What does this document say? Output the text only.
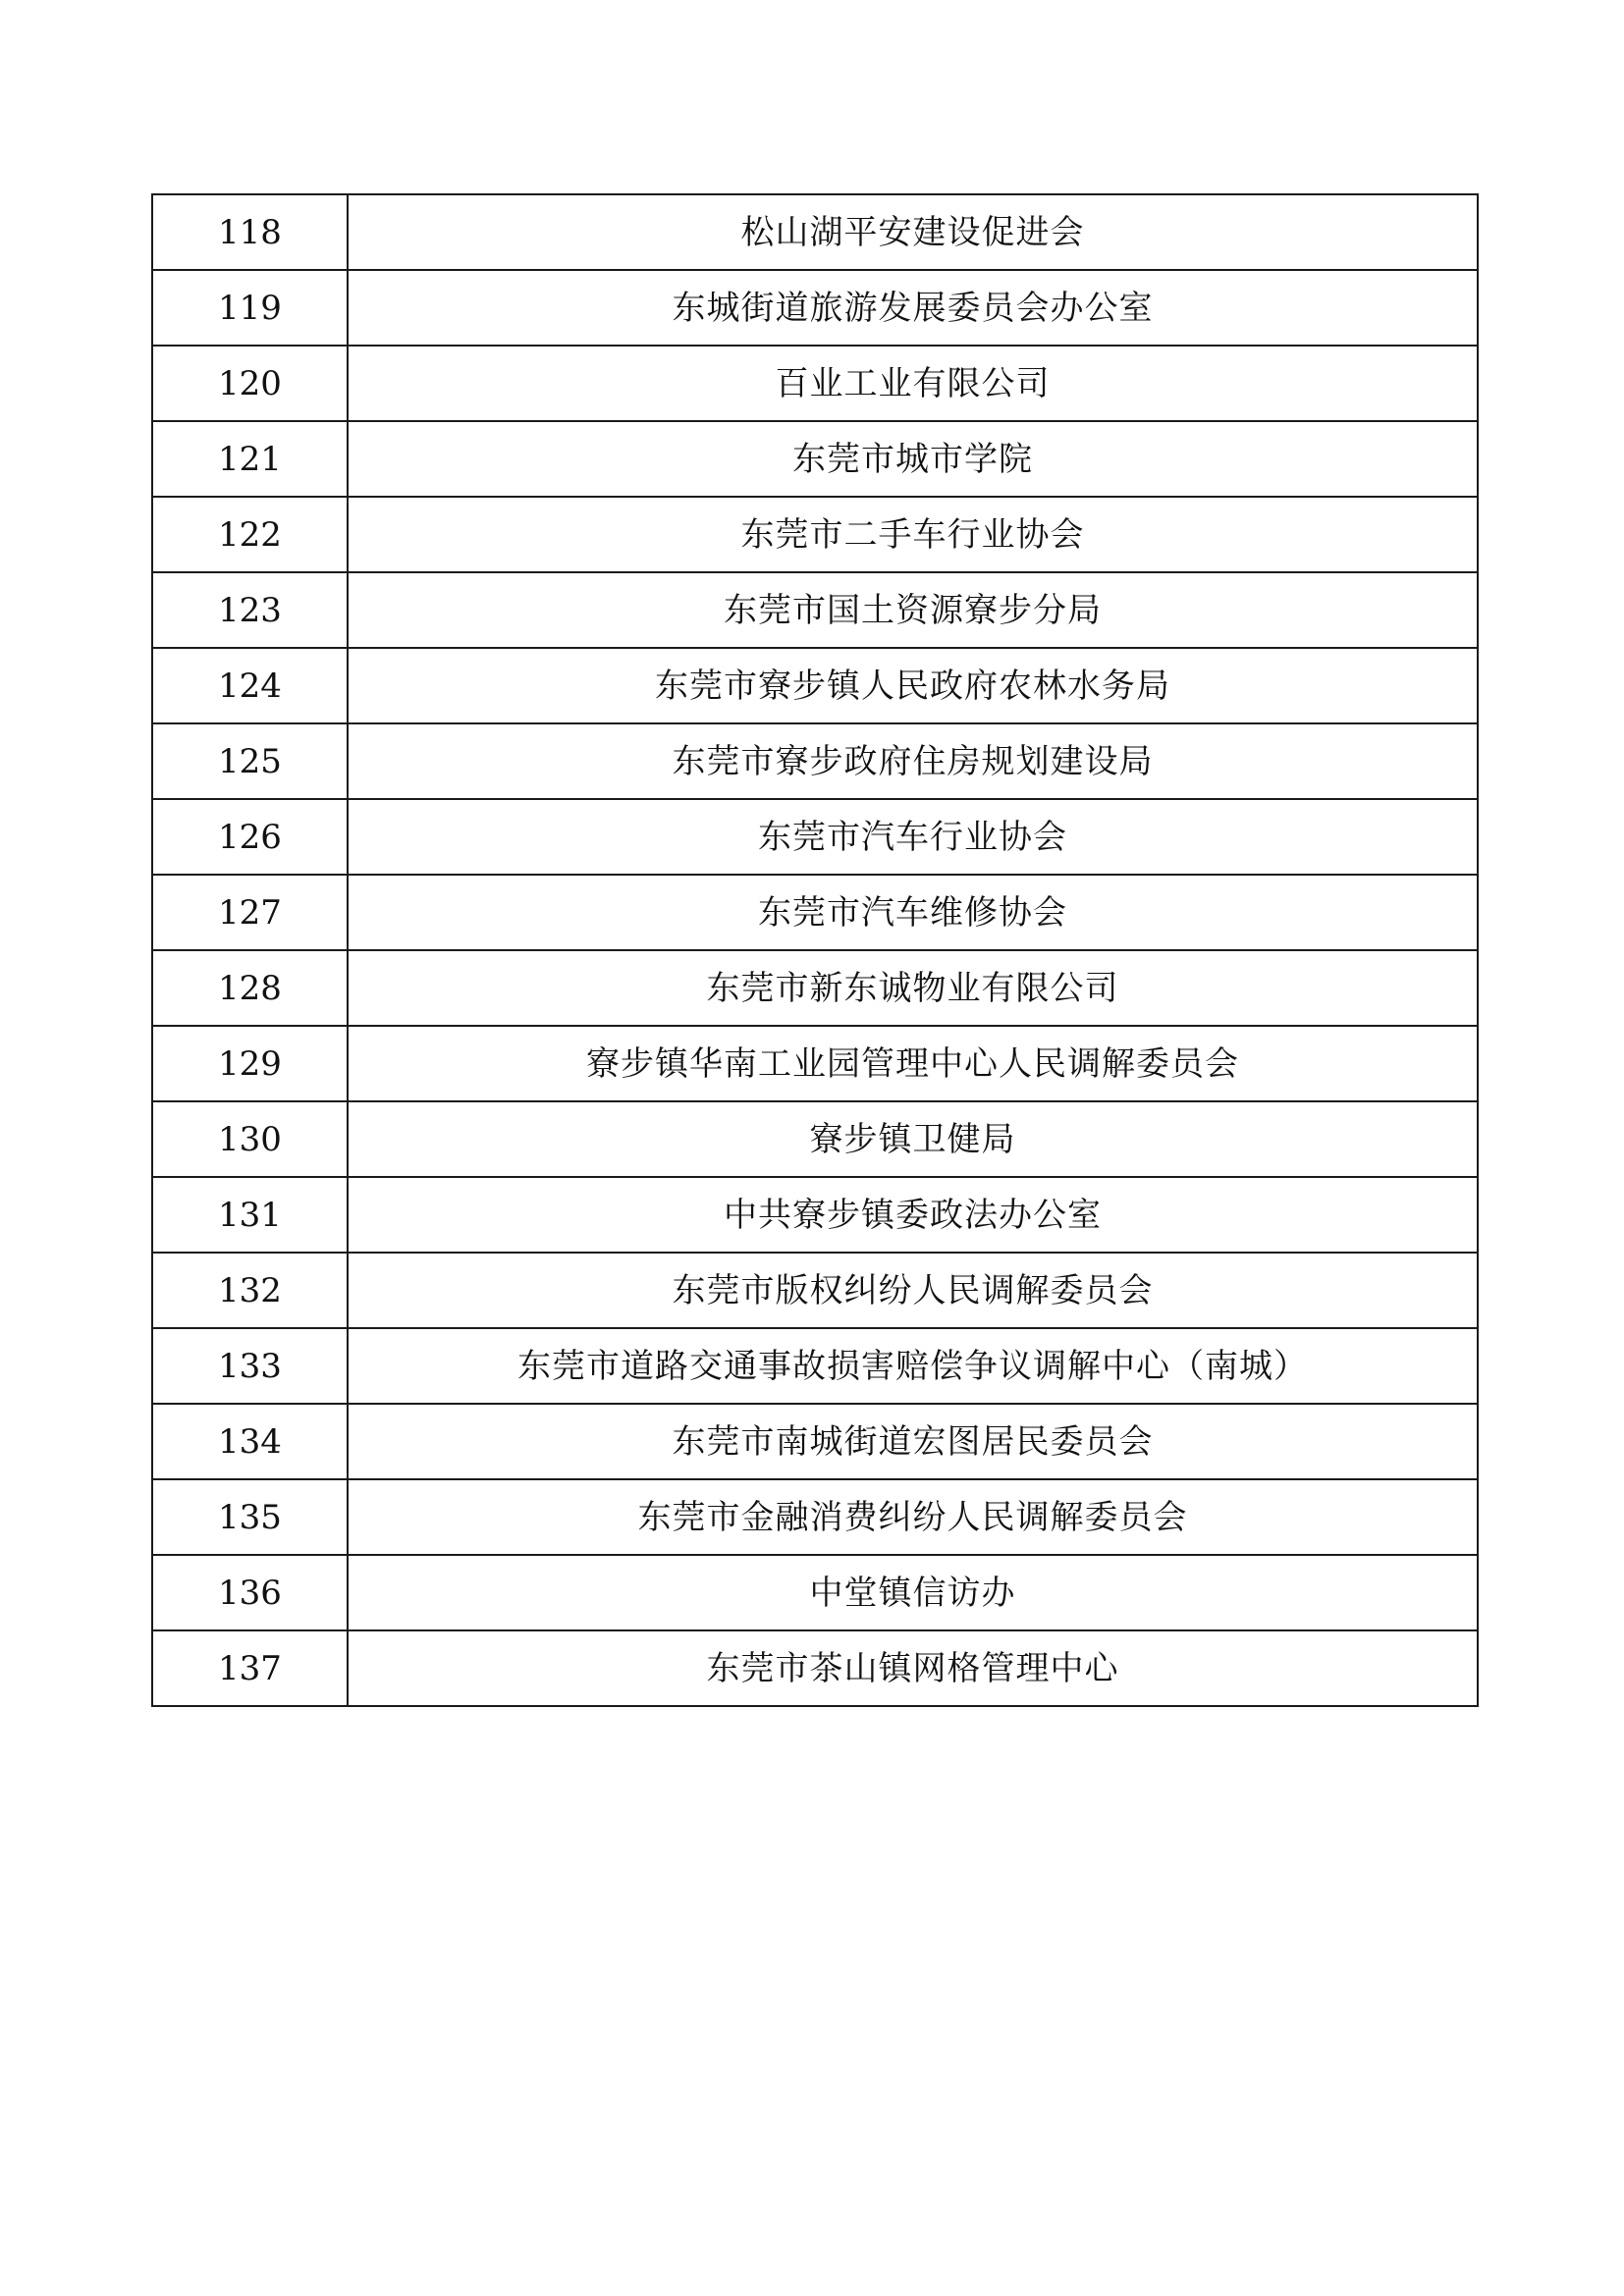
118	松山湖平安建设促进会
119	东城街道旅游发展委员会办公室
120	百业工业有限公司
121	东莞市城市学院
122	东莞市二手车行业协会
123	东莞市国土资源寮步分局
124	东莞市寮步镇人民政府农林水务局
125	东莞市寮步政府住房规划建设局
126	东莞市汽车行业协会
127	东莞市汽车维修协会
128	东莞市新东诚物业有限公司
129	寮步镇华南工业园管理中心人民调解委员会
130	寮步镇卫健局
131	中共寮步镇委政法办公室
132	东莞市版权纠纷人民调解委员会
133	东莞市道路交通事故损害赔偿争议调解中心（南城）
134	东莞市南城街道宏图居民委员会
135	东莞市金融消费纠纷人民调解委员会
136	中堂镇信访办
137	东莞市茶山镇网格管理中心
